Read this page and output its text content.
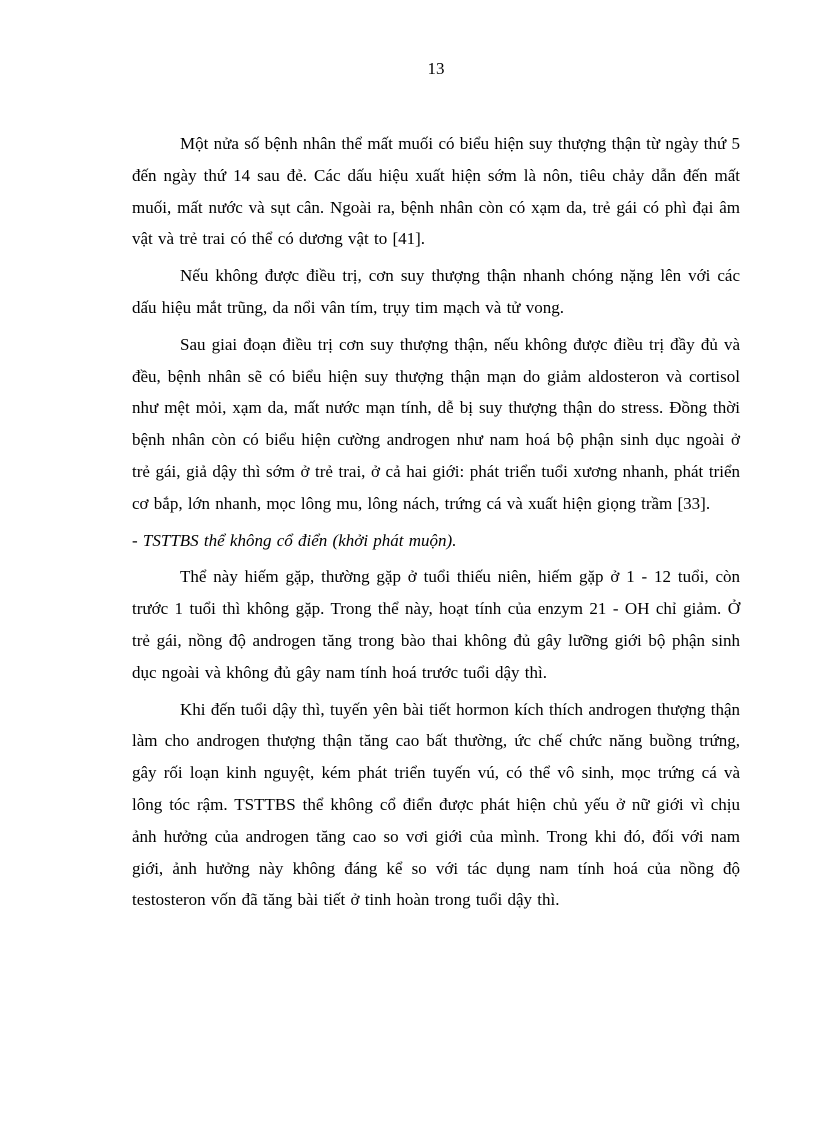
13

Một nửa số bệnh nhân thể mất muối có biểu hiện suy thượng thận từ ngày thứ 5 đến ngày thứ 14 sau đẻ. Các dấu hiệu xuất hiện sớm là nôn, tiêu chảy dẫn đến mất muối, mất nước và sụt cân. Ngoài ra, bệnh nhân còn có xạm da, trẻ gái có phì đại âm vật và trẻ trai có thể có dương vật to [41].

Nếu không được điều trị, cơn suy thượng thận nhanh chóng nặng lên với các dấu hiệu mắt trũng, da nổi vân tím, trụy tim mạch và tử vong.

Sau giai đoạn điều trị cơn suy thượng thận, nếu không được điều trị đầy đủ và đều, bệnh nhân sẽ có biểu hiện suy thượng thận mạn do giảm aldosteron và cortisol như mệt mỏi, xạm da, mất nước mạn tính, dễ bị suy thượng thận do stress. Đồng thời bệnh nhân còn có biểu hiện cường androgen như nam hoá bộ phận sinh dục ngoài ở trẻ gái, giả dậy thì sớm ở trẻ trai, ở cả hai giới: phát triển tuổi xương nhanh, phát triển cơ bắp, lớn nhanh, mọc lông mu, lông nách, trứng cá và xuất hiện giọng trầm [33].

- TSTTBS thể không cổ điển (khởi phát muộn).

Thể này hiếm gặp, thường gặp ở tuổi thiếu niên, hiếm gặp ở 1 - 12 tuổi, còn trước 1 tuổi thì không gặp. Trong thể này, hoạt tính của enzym 21 - OH chỉ giảm. Ở trẻ gái, nồng độ androgen tăng trong bào thai không đủ gây lưỡng giới bộ phận sinh dục ngoài và không đủ gây nam tính hoá trước tuổi dậy thì.

Khi đến tuổi dậy thì, tuyến yên bài tiết hormon kích thích androgen thượng thận làm cho androgen thượng thận tăng cao bất thường, ức chế chức năng buồng trứng, gây rối loạn kinh nguyệt, kém phát triển tuyến vú, có thể vô sinh, mọc trứng cá và lông tóc rậm. TSTTBS thể không cổ điển được phát hiện chủ yếu ở nữ giới vì chịu ảnh hưởng của androgen tăng cao so vơi giới của mình. Trong khi đó, đối với nam giới, ảnh hưởng này không đáng kể so với tác dụng nam tính hoá của nồng độ testosteron vốn đã tăng bài tiết ở tinh hoàn trong tuổi dậy thì.
